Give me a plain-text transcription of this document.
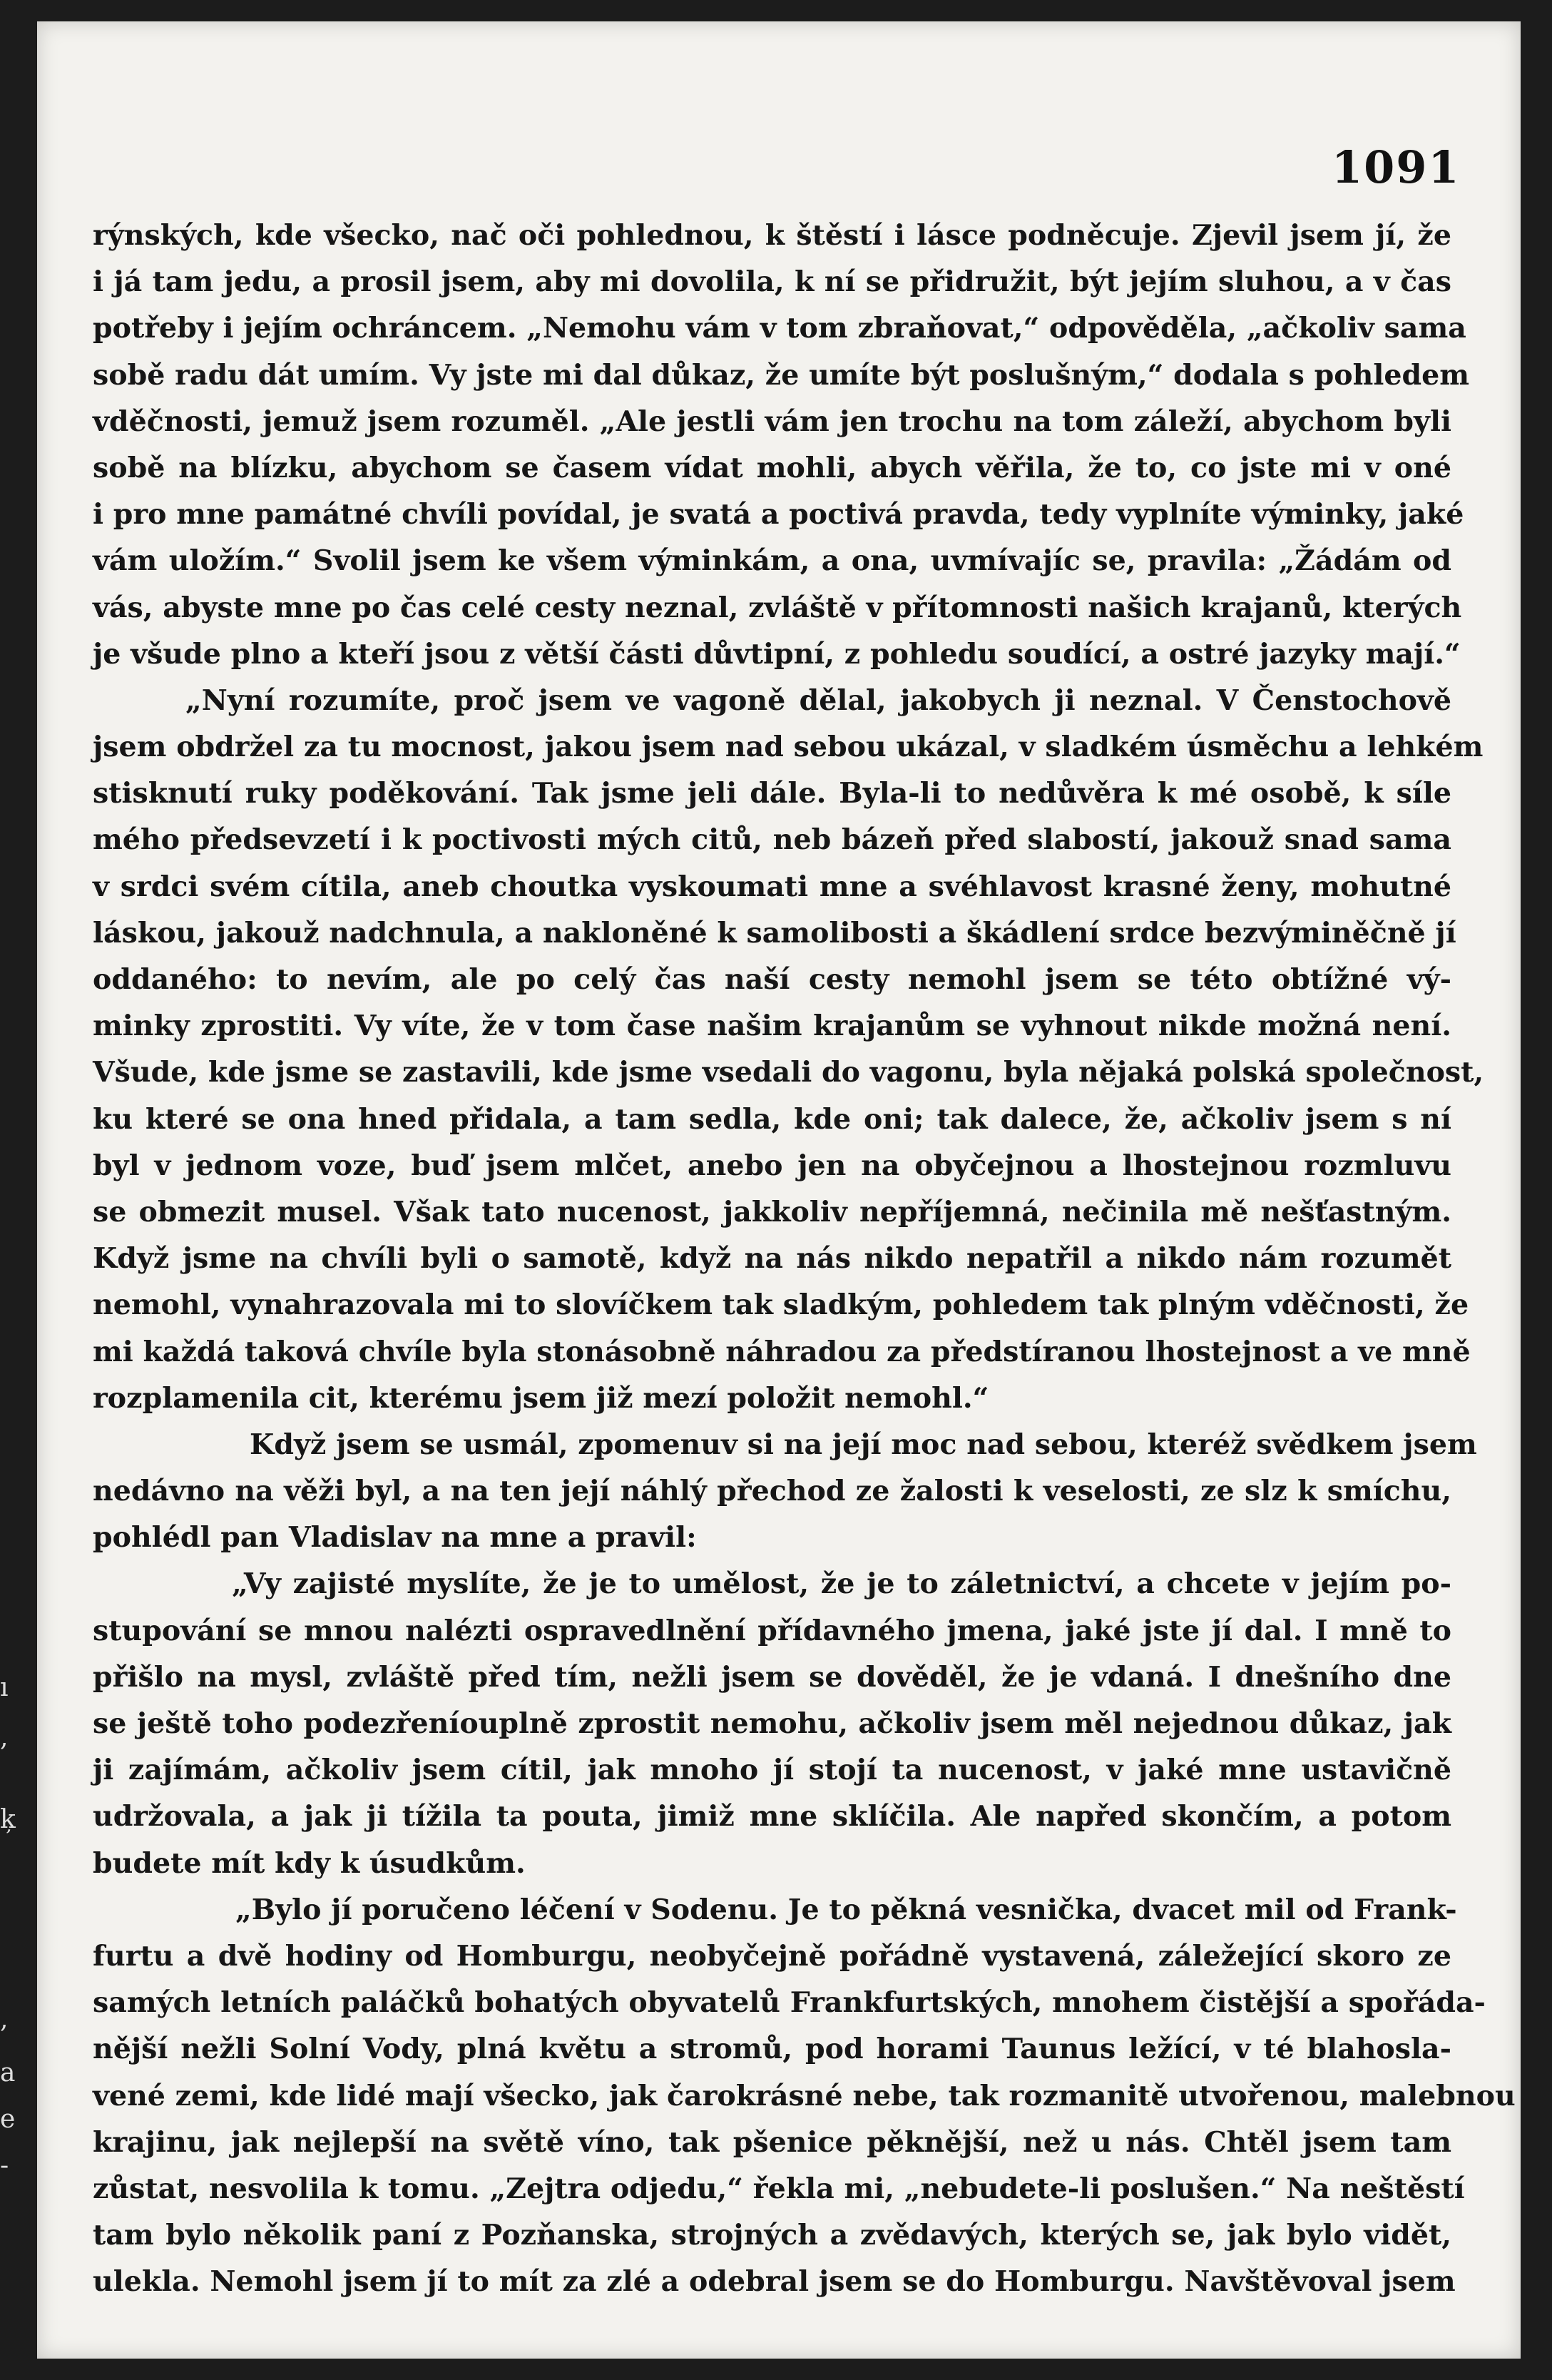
1091
rýnských, kde všecko, nač oči pohlednou, k štěstí i lásce podněcuje. Zjevil jsem jí, že
i já tam jedu, a prosil jsem, aby mi dovolila, k ní se přidružit, být jejím sluhou, a v čas
potřeby i jejím ochráncem. „Nemohu vám v tom zbraňovat,“ odpověděla, „ačkoliv sama
sobě radu dát umím. Vy jste mi dal důkaz, že umíte být poslušným,“ dodala s pohledem
vděčnosti, jemuž jsem rozuměl. „Ale jestli vám jen trochu na tom záleží, abychom byli
sobě na blízku, abychom se časem vídat mohli, abych věřila, že to, co jste mi v oné
i pro mne památné chvíli povídal, je svatá a poctivá pravda, tedy vyplníte výminky, jaké
vám uložím.“ Svolil jsem ke všem výminkám, a ona, uvmívajíc se, pravila: „Žádám od
vás, abyste mne po čas celé cesty neznal, zvláště v přítomnosti našich krajanů, kterých
je všude plno a kteří jsou z větší části důvtipní, z pohledu soudící, a ostré jazyky mají.“
„Nyní rozumíte, proč jsem ve vagoně dělal, jakobych ji neznal. V Čenstochově
jsem obdržel za tu mocnost, jakou jsem nad sebou ukázal, v sladkém úsměchu a lehkém
stisknutí ruky poděkování. Tak jsme jeli dále. Byla-li to nedůvěra k mé osobě, k síle
mého předsevzetí i k poctivosti mých citů, neb bázeň před slabostí, jakouž snad sama
v srdci svém cítila, aneb choutka vyskoumati mne a svéhlavost krasné ženy, mohutné
láskou, jakouž nadchnula, a nakloněné k samolibosti a škádlení srdce bezvýminěčně jí
oddaného: to nevím, ale po celý čas naší cesty nemohl jsem se této obtížné vý-
minky zprostiti. Vy víte, že v tom čase našim krajanům se vyhnout nikde možná není.
Všude, kde jsme se zastavili, kde jsme vsedali do vagonu, byla nějaká polská společnost,
ku které se ona hned přidala, a tam sedla, kde oni; tak dalece, že, ačkoliv jsem s ní
byl v jednom voze, buď jsem mlčet, anebo jen na obyčejnou a lhostejnou rozmluvu
se obmezit musel. Však tato nucenost, jakkoliv nepříjemná, nečinila mě nešťastným.
Když jsme na chvíli byli o samotě, když na nás nikdo nepatřil a nikdo nám rozumět
nemohl, vynahrazovala mi to slovíčkem tak sladkým, pohledem tak plným vděčnosti, že
mi každá taková chvíle byla stonásobně náhradou za předstíranou lhostejnost a ve mně
rozplamenila cit, kterému jsem již mezí položit nemohl.“
Když jsem se usmál, zpomenuv si na její moc nad sebou, kteréž svědkem jsem
nedávno na věži byl, a na ten její náhlý přechod ze žalosti k veselosti, ze slz k smíchu,
pohlédl pan Vladislav na mne a pravil:
„Vy zajisté myslíte, že je to umělost, že je to záletnictví, a chcete v jejím po-
stupování se mnou nalézti ospravedlnění přídavného jmena, jaké jste jí dal. I mně to
přišlo na mysl, zvláště před tím, nežli jsem se dověděl, že je vdaná. I dnešního dne
se ještě toho podezřeníouplně zprostit nemohu, ačkoliv jsem měl nejednou důkaz, jak
ji zajímám, ačkoliv jsem cítil, jak mnoho jí stojí ta nucenost, v jaké mne ustavičně
udržovala, a jak ji tížila ta pouta, jimiž mne sklíčila. Ale napřed skončím, a potom
budete mít kdy k úsudkům.
„Bylo jí poručeno léčení v Sodenu. Je to pěkná vesnička, dvacet mil od Frank-
furtu a dvě hodiny od Homburgu, neobyčejně pořádně vystavená, záležející skoro ze
samých letních paláčků bohatých obyvatelů Frankfurtských, mnohem čistější a spořáda-
nější nežli Solní Vody, plná květu a stromů, pod horami Taunus ležící, v té blahosla-
vené zemi, kde lidé mají všecko, jak čarokrásné nebe, tak rozmanitě utvořenou, malebnou
krajinu, jak nejlepší na světě víno, tak pšenice pěknější, než u nás. Chtěl jsem tam
zůstat, nesvolila k tomu. „Zejtra odjedu,“ řekla mi, „nebudete-li poslušen.“ Na neštěstí
tam bylo několik paní z Pozňanska, strojných a zvědavých, kterých se, jak bylo vidět,
ulekla. Nemohl jsem jí to mít za zlé a odebral jsem se do Homburgu. Navštěvoval jsem
ı
,
ķ
,
a
e
-
